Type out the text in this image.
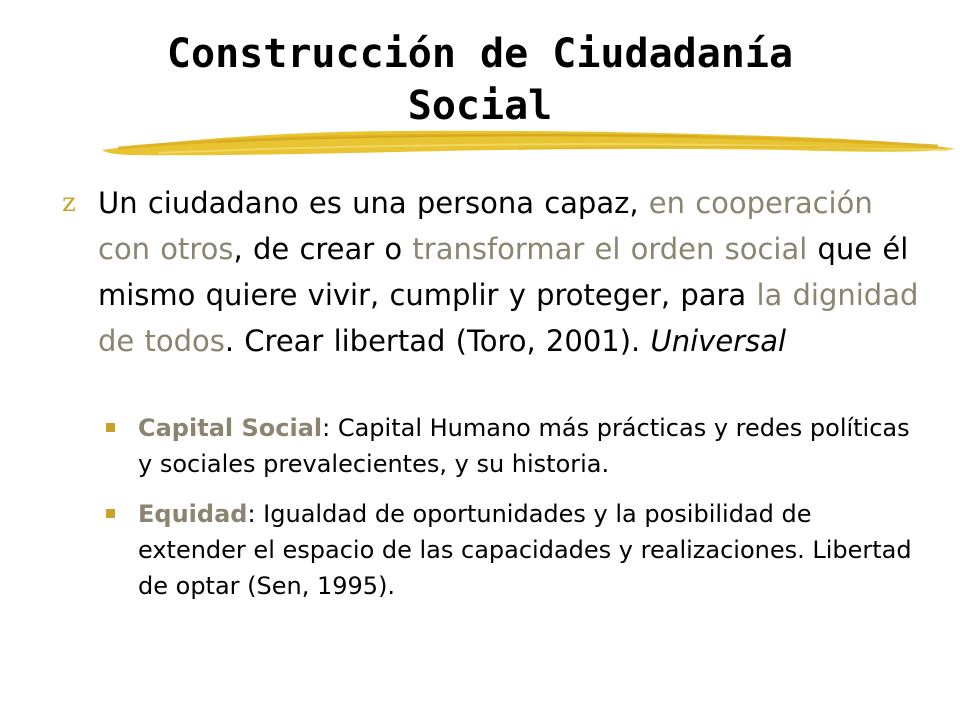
Construcción de Ciudadanía
Social
z Un ciudadano es una persona capaz, en cooperación con otros, de crear o transformar el orden social que él mismo quiere vivir, cumplir y proteger, para la dignidad de todos. Crear libertad (Toro, 2001). Universal

Capital Social: Capital Humano más prácticas y redes políticas y sociales prevalecientes, y su historia.
Equidad: Igualdad de oportunidades y la posibilidad de extender el espacio de las capacidades y realizaciones. Libertad de optar (Sen, 1995).
